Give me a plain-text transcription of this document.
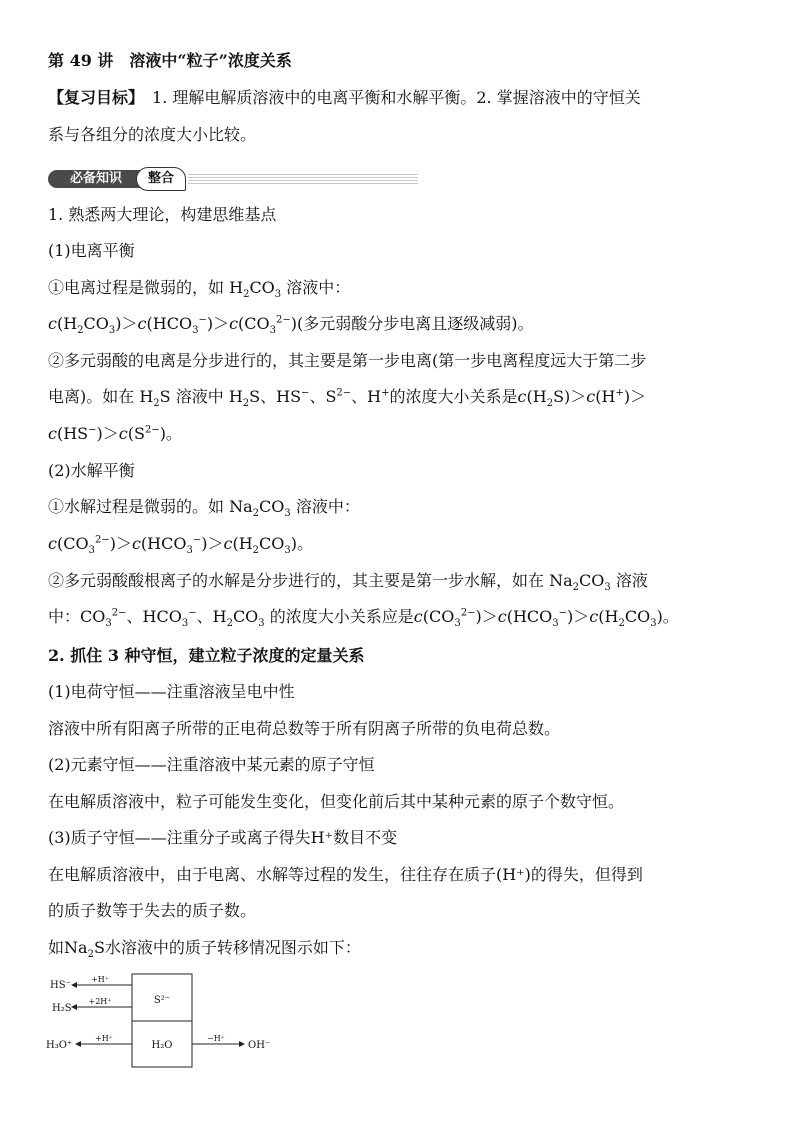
第 49 讲　溶液中“粒子”浓度关系
【复习目标】　1. 理解电解质溶液中的电离平衡和水解平衡。2. 掌握溶液中的守恒关
系与各组分的浓度大小比较。
必备知识	整合
1. 熟悉两大理论，构建思维基点
(1)电离平衡
①电离过程是微弱的，如 $H_2CO_3$ 溶液中：
$c(H_2CO_3)>c(HCO_3^-)>c(CO_3^{2-})$(多元弱酸分步电离且逐级减弱)。
②多元弱酸的电离是分步进行的，其主要是第一步电离(第一步电离程度远大于第二步
电离)。如在 $H_2S$ 溶液中 $H_2S$、HS−、$S^{2-}$、H+的浓度大小关系是$c(H_2S)>c(H^+)>$
$c(HS^-)>c(S^{2-})$。
(2)水解平衡
①水解过程是微弱的。如 $Na_2CO_3$ 溶液中：
$c(CO_3^{2-})>c(HCO_3^-)>c(H_2CO_3)$。
②多元弱酸酸根离子的水解是分步进行的，其主要是第一步水解，如在 $Na_2CO_3$ 溶液
中：$CO_3^{2-}$、$HCO_3^-$、$H_2CO_3$ 的浓度大小关系应是$c(CO_3^{2-})>c(HCO_3^-)>c(H_2CO_3)$。
2. 抓住 3 种守恒，建立粒子浓度的定量关系
(1)电荷守恒——注重溶液呈电中性
溶液中所有阳离子所带的正电荷总数等于所有阴离子所带的负电荷总数。
(2)元素守恒——注重溶液中某元素的原子守恒
在电解质溶液中，粒子可能发生变化，但变化前后其中某种元素的原子个数守恒。
(3)质子守恒——注重分子或离子得失H⁺数目不变
在电解质溶液中，由于电离、水解等过程的发生，往往存在质子(H⁺)的得失，但得到
的质子数等于失去的质子数。
如$Na_2S$水溶液中的质子转移情况图示如下：
S²⁻
H₂O
+H⁺
HS⁻
+2H⁺
H₂S
+H⁺
H₃O⁺
−H⁺
OH⁻
